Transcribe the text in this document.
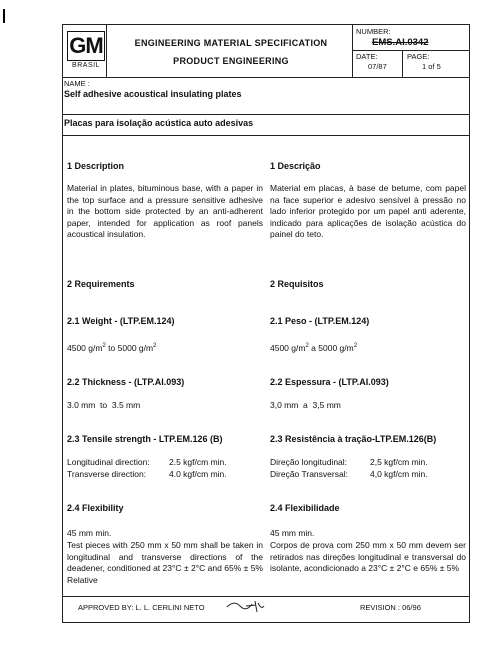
GM
BRASIL
ENGINEERING MATERIAL SPECIFICATION
PRODUCT ENGINEERING
NUMBER:
EMS.AI.0342
DATE:
07/87
PAGE:
1 of 5
NAME :
Self adhesive acoustical insulating plates
Placas para isolação acústica auto adesivas
1 Description
Material in plates, bituminous base, with a paper in the top surface and a pressure sensitive adhesive in the bottom side protected by an anti-adherent paper, intended for application as roof panels acoustical insulation.
2 Requirements
2.1 Weight - (LTP.EM.124)
4500 $g/m^2$ to 5000 $g/m^2$
2.2 Thickness - (LTP.AI.093)
3.0 mm  to  3.5 mm
2.3 Tensile strength - LTP.EM.126 (B)
Longitudinal direction:	2.5 kgf/cm min.
Transverse direction:	4.0 kgf/cm min.
2.4 Flexibility
45 mm min.
Test pieces with 250 mm x 50 mm shall be taken in longitudinal and transverse directions of the deadener, conditioned at 23°C ± 2°C and 65% ± 5% Relative
1 Descrição
Material em placas, à base de betume, com papel na face superior e adesivo sensível à pressão no lado inferior protegido por um papel anti aderente, indicado para aplicações de isolação acústica do painel do teto.
2 Requisitos
2.1 Peso - (LTP.EM.124)
4500 $g/m^2$ a 5000 $g/m^2$
2.2 Espessura - (LTP.AI.093)
3,0 mm  a  3,5 mm
2.3 Resistência à tração-LTP.EM.126(B)
Direção longitudinal:	2,5 kgf/cm min.
Direção Transversal:	4,0 kgf/cm min.
2.4 Flexibilidade
45 mm min.
Corpos de prova com 250 mm x 50 mm devem ser retirados nas direções longitudinal e transversal do isolante, acondicionado a 23°C ± 2°C e 65% ± 5%
APPROVED BY: L. L. CERLINI NETO	REVISION : 06/96
